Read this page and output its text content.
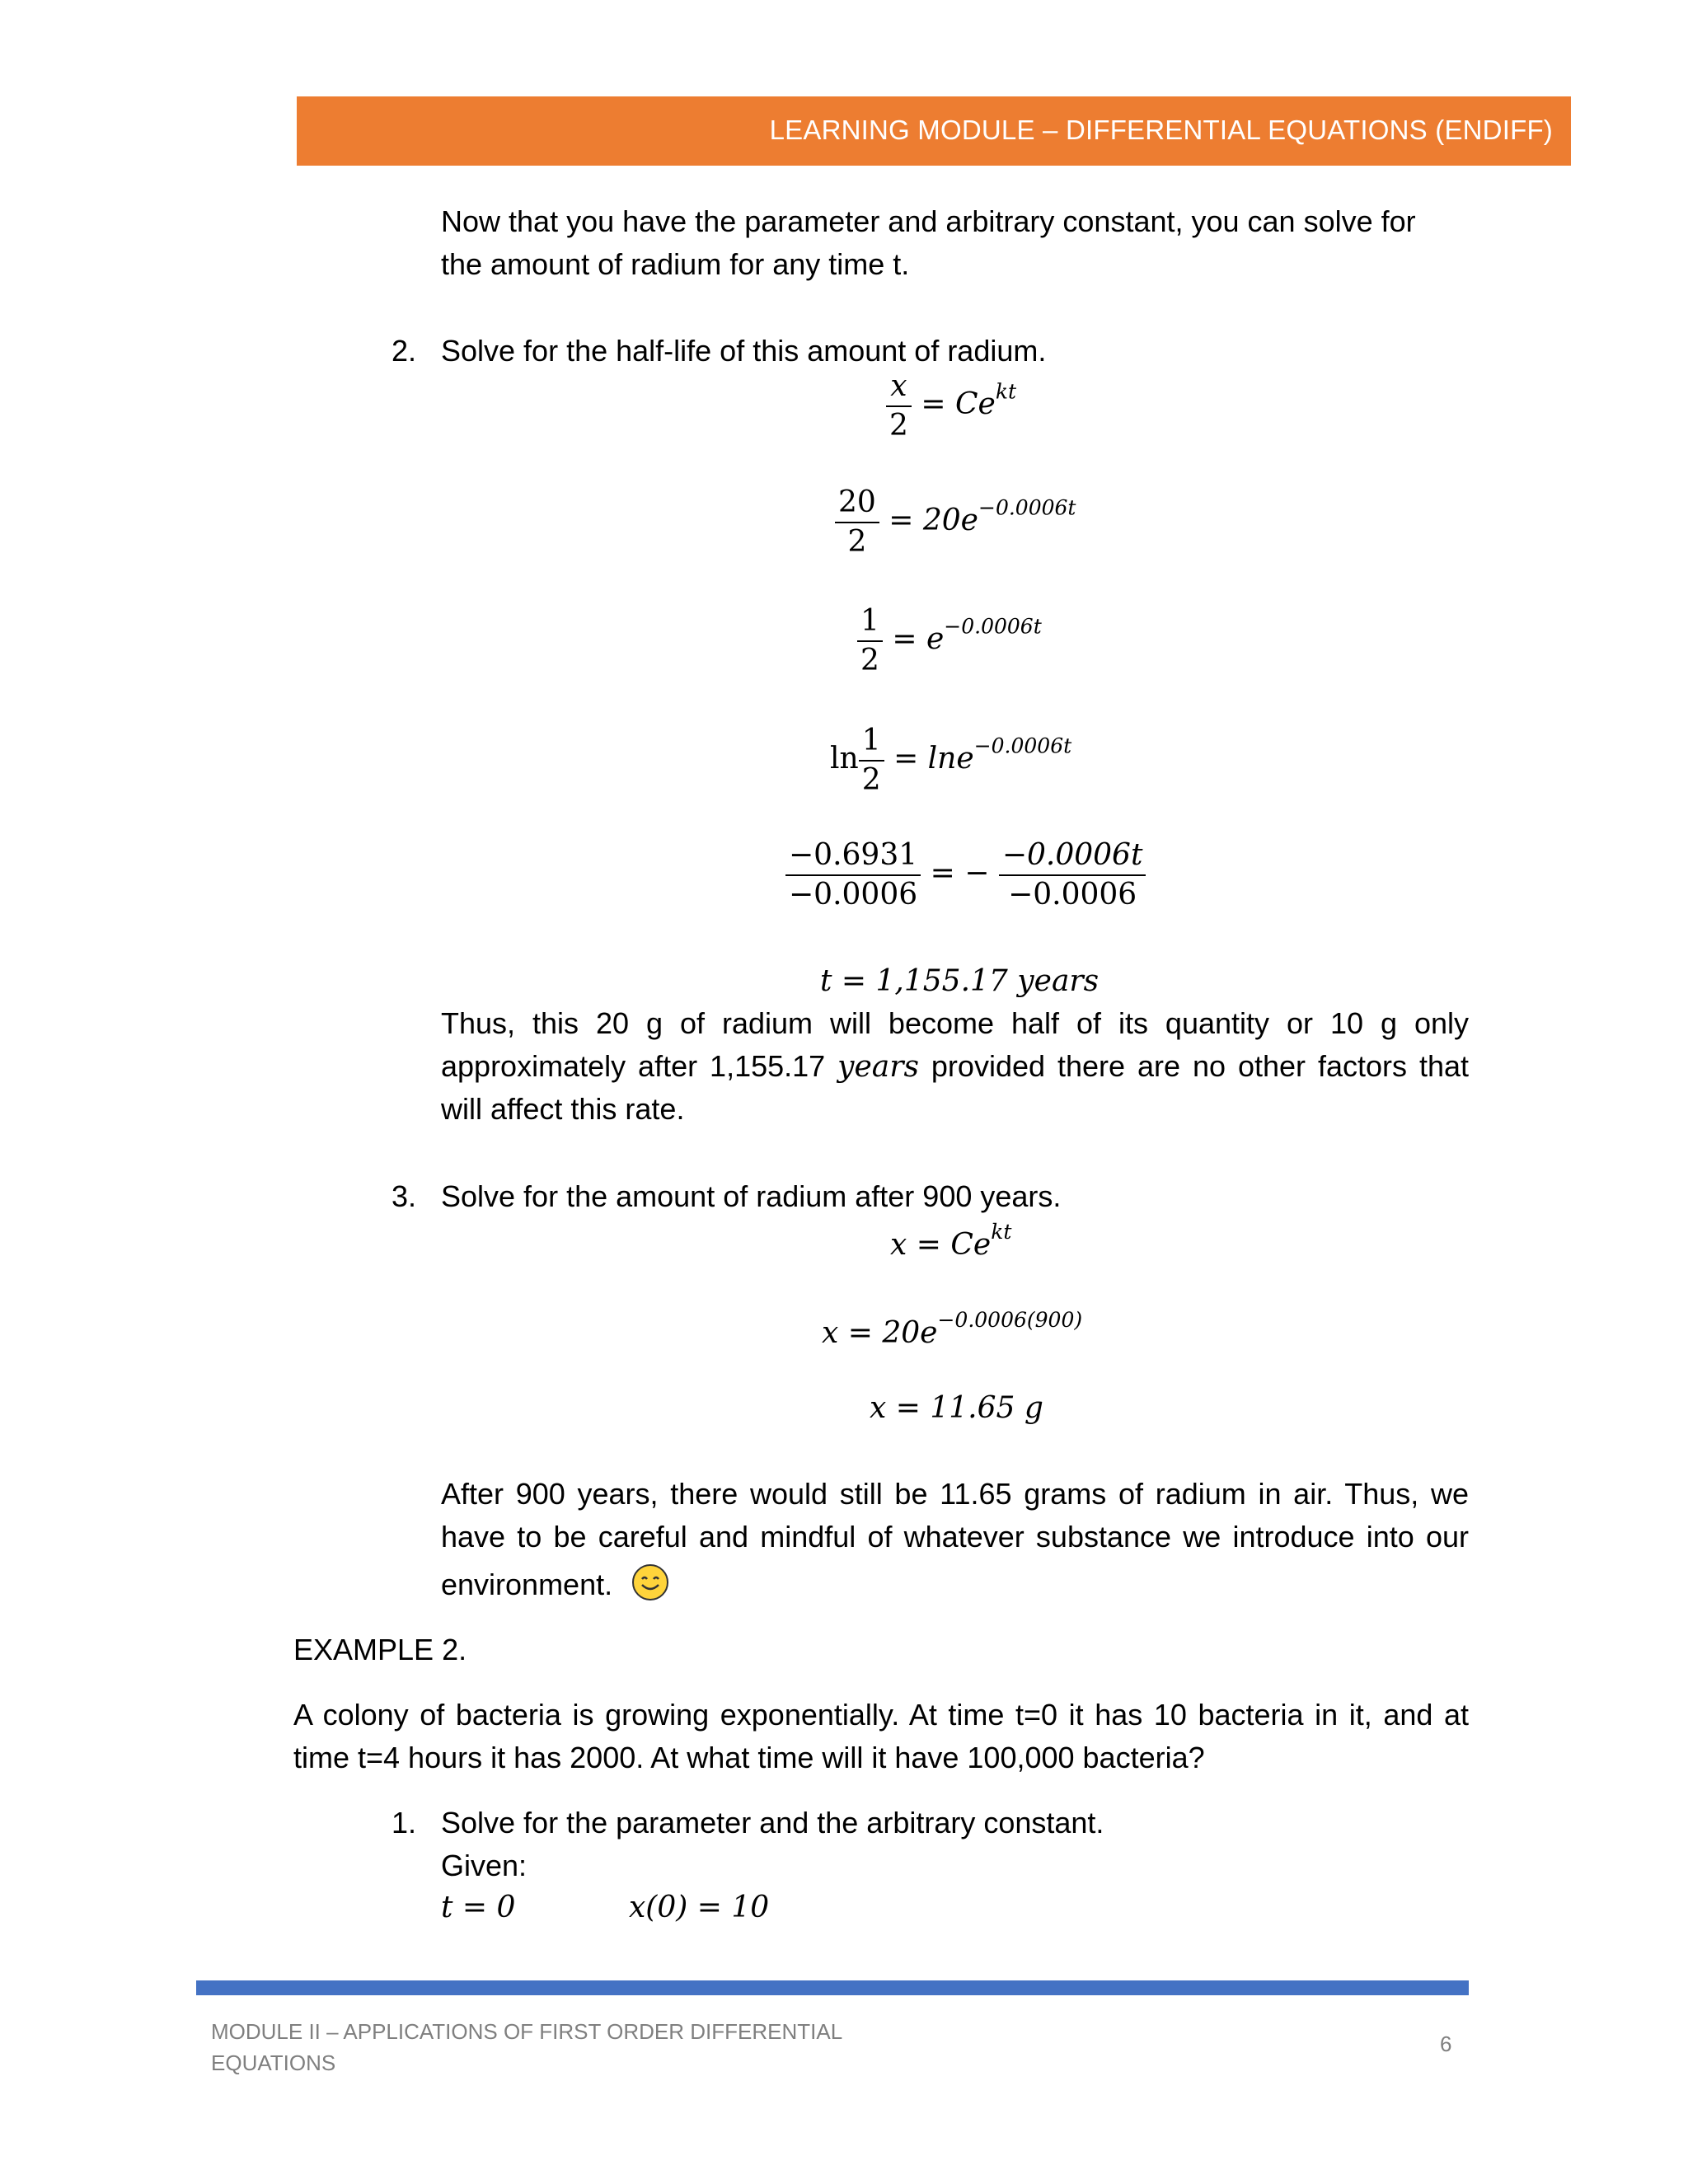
LEARNING MODULE – DIFFERENTIAL EQUATIONS (ENDIFF)
Now that you have the parameter and arbitrary constant, you can solve for
the amount of radium for any time t.
2. Solve for the half-life of this amount of radium.
$\frac{x}{2} = Ce^{kt}$
$\frac{20}{2} = 20e^{-0.0006t}$
$\frac{1}{2} = e^{-0.0006t}$
$\ln \frac{1}{2} = \ln e^{-0.0006t}$
$\frac{-0.6931}{-0.0006}$ = − $\frac{-0.0006t}{-0.0006}$
t = 1,155.17 years
Thus, this 20 g of radium will become half of its quantity or 10 g only
approximately after 1,155.17 years provided there are no other factors that
will affect this rate.
3. Solve for the amount of radium after 900 years.
$x = Ce^{kt}$
$x = 20e^{-0.0006(900)}$
x = 11.65 g
After 900 years, there would still be 11.65 grams of radium in air. Thus, we
have to be careful and mindful of whatever substance we introduce into our
environment.
EXAMPLE 2.
A colony of bacteria is growing exponentially. At time t=0 it has 10 bacteria in it, and at
time t=4 hours it has 2000. At what time will it have 100,000 bacteria?
1. Solve for the parameter and the arbitrary constant.
Given:
t = 0	x(0) = 10
MODULE II – APPLICATIONS OF FIRST ORDER DIFFERENTIAL
EQUATIONS
6
